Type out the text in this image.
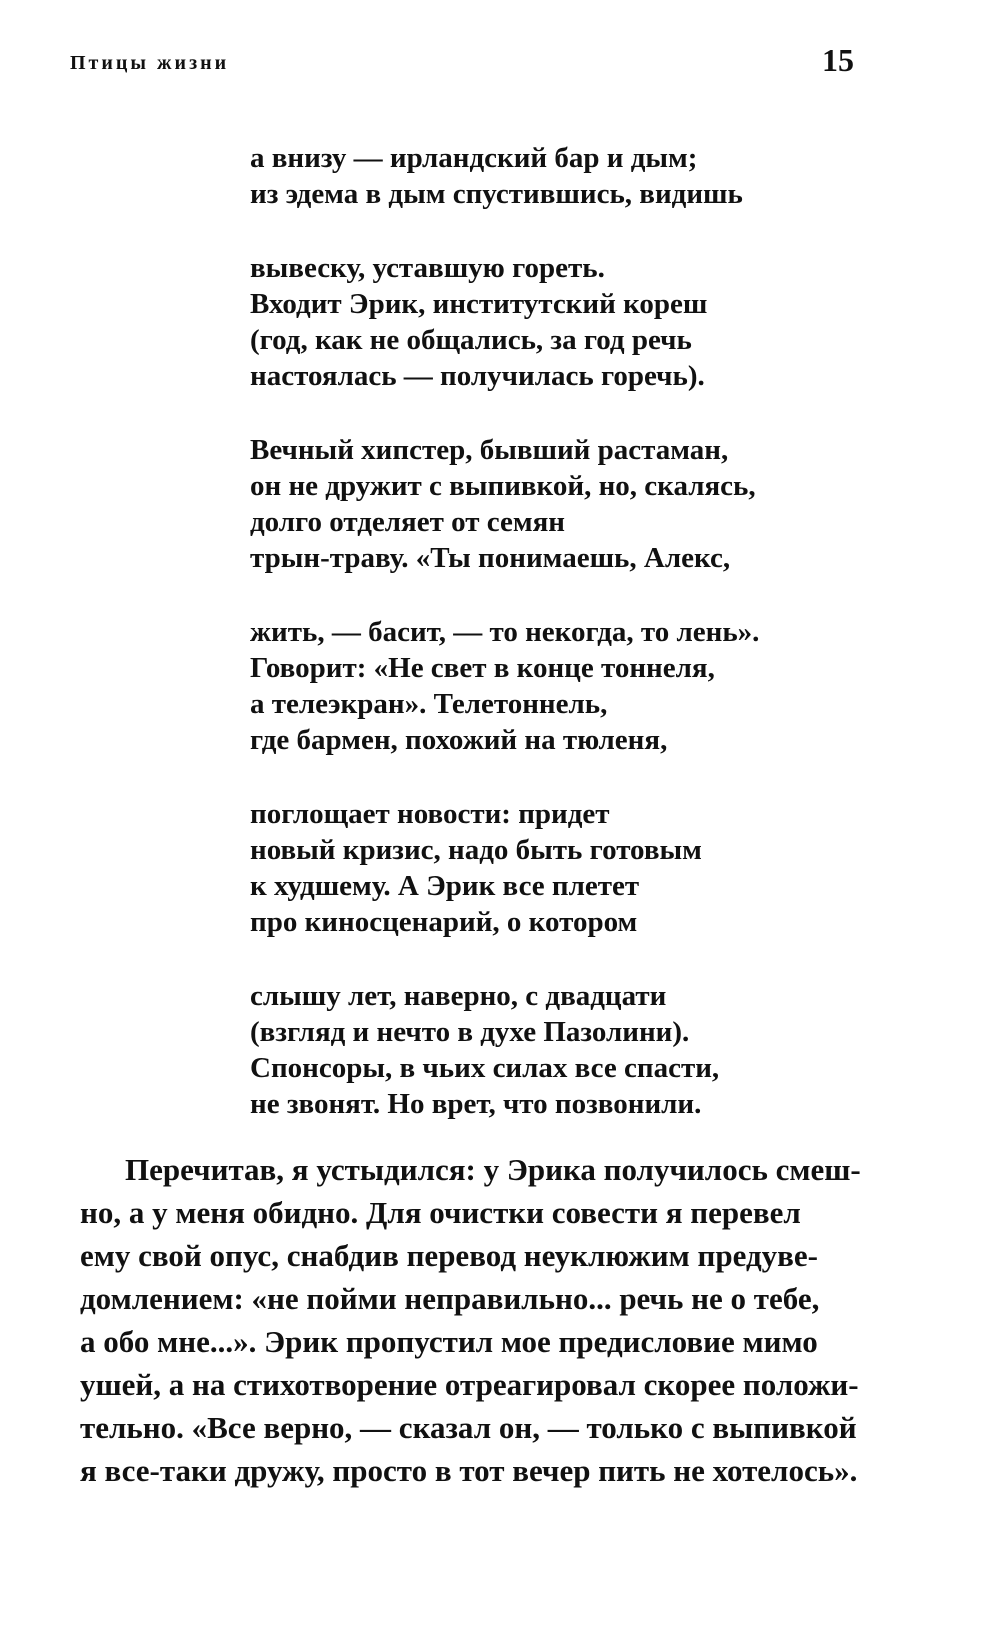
Птицы жизни	15
а внизу — ирландский бар и дым;
из эдема в дым спустившись, видишь
вывеску, уставшую гореть.
Входит Эрик, институтский кореш
(год, как не общались, за год речь
настоялась — получилась горечь).
Вечный хипстер, бывший растаман,
он не дружит с выпивкой, но, скалясь,
долго отделяет от семян
трын-траву. «Ты понимаешь, Алекс,
жить, — басит, — то некогда, то лень».
Говорит: «Не свет в конце тоннеля,
а телеэкран». Телетоннель,
где бармен, похожий на тюленя,
поглощает новости: придет
новый кризис, надо быть готовым
к худшему. А Эрик все плетет
про киносценарий, о котором
слышу лет, наверно, с двадцати
(взгляд и нечто в духе Пазолини).
Спонсоры, в чьих силах все спасти,
не звонят. Но врет, что позвонили.
Перечитав, я устыдился: у Эрика получилось смеш-
но, а у меня обидно. Для очистки совести я перевел
ему свой опус, снабдив перевод неуклюжим предуве-
домлением: «не пойми неправильно... речь не о тебе,
а обо мне...». Эрик пропустил мое предисловие мимо
ушей, а на стихотворение отреагировал скорее положи-
тельно. «Все верно, — сказал он, — только с выпивкой
я все-таки дружу, просто в тот вечер пить не хотелось».
